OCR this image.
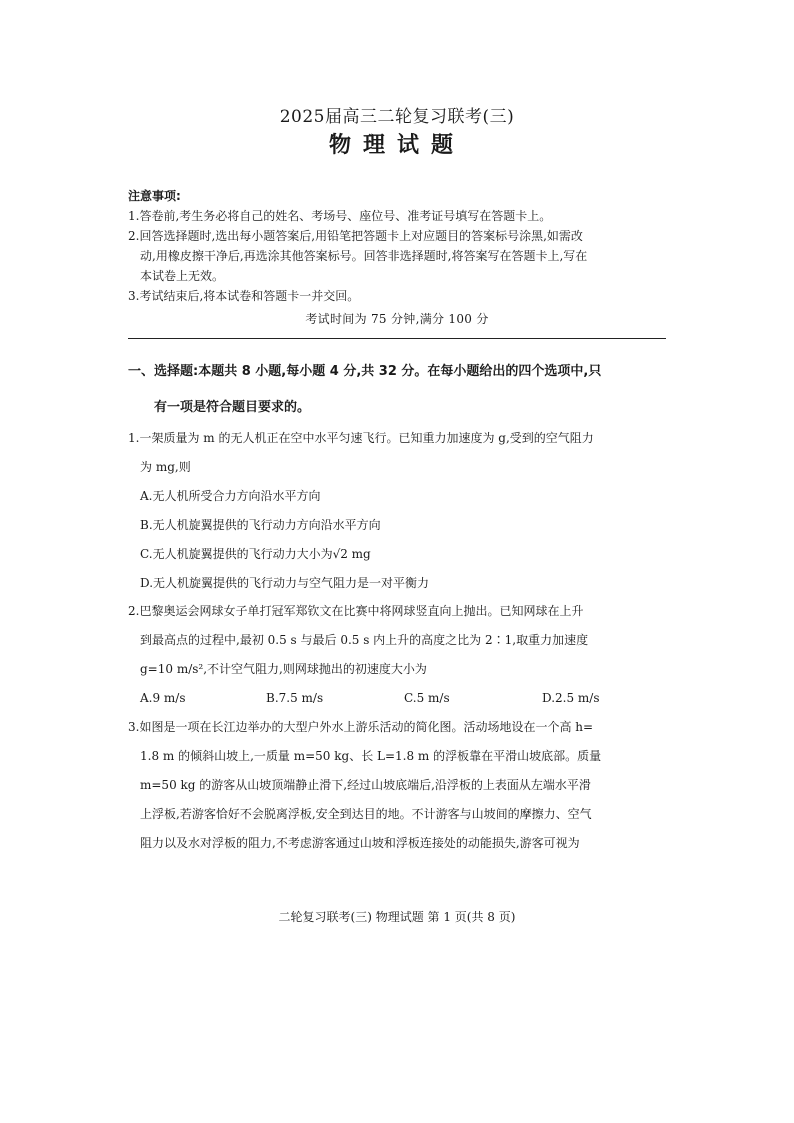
2025届高三二轮复习联考(三)
物理试题
注意事项:
1.答卷前,考生务必将自己的姓名、考场号、座位号、准考证号填写在答题卡上。
2.回答选择题时,选出每小题答案后,用铅笔把答题卡上对应题目的答案标号涂黑,如需改
动,用橡皮擦干净后,再选涂其他答案标号。回答非选择题时,将答案写在答题卡上,写在
本试卷上无效。
3.考试结束后,将本试卷和答题卡一并交回。
考试时间为 75 分钟,满分 100 分
一、选择题:本题共 8 小题,每小题 4 分,共 32 分。在每小题给出的四个选项中,只
有一项是符合题目要求的。
1.一架质量为 m 的无人机正在空中水平匀速飞行。已知重力加速度为 g,受到的空气阻力
为 mg,则
A.无人机所受合力方向沿水平方向
B.无人机旋翼提供的飞行动力方向沿水平方向
C.无人机旋翼提供的飞行动力大小为√2 mg
D.无人机旋翼提供的飞行动力与空气阻力是一对平衡力
2.巴黎奥运会网球女子单打冠军郑钦文在比赛中将网球竖直向上抛出。已知网球在上升
到最高点的过程中,最初 0.5 s 与最后 0.5 s 内上升的高度之比为 2∶1,取重力加速度
g=10 m/s²,不计空气阻力,则网球抛出的初速度大小为
A.9 m/s	B.7.5 m/s	C.5 m/s	D.2.5 m/s
3.如图是一项在长江边举办的大型户外水上游乐活动的简化图。活动场地设在一个高 h=
1.8 m 的倾斜山坡上,一质量 m=50 kg、长 L=1.8 m 的浮板靠在平滑山坡底部。质量
m=50 kg 的游客从山坡顶端静止滑下,经过山坡底端后,沿浮板的上表面从左端水平滑
上浮板,若游客恰好不会脱离浮板,安全到达目的地。不计游客与山坡间的摩擦力、空气
阻力以及水对浮板的阻力,不考虑游客通过山坡和浮板连接处的动能损失,游客可视为
二轮复习联考(三) 物理试题 第 1 页(共 8 页)
